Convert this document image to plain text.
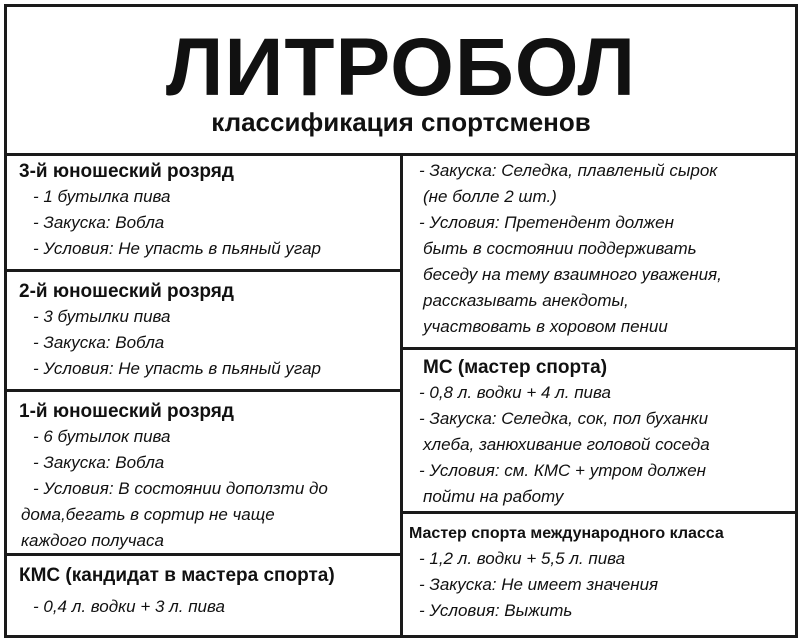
ЛИТРОБОЛ
классификация спортсменов
3-й юношеский розряд
- 1 бутылка пива
- Закуска: Вобла
- Условия: Не упасть в пьяный угар
2-й юношеский розряд
- 3 бутылки пива
- Закуска: Вобла
- Условия: Не упасть в пьяный угар
1-й юношеский розряд
- 6 бутылок пива
- Закуска: Вобла
- Условия: В состоянии доползти до
дома,бегать в сортир не чаще
каждого получаса
КМС (кандидат в мастера спорта)
- 0,4 л. водки + 3 л. пива
- Закуска: Селедка, плавленый сырок
(не болле 2 шт.)
- Условия: Претендент должен
быть в состоянии поддерживать
беседу на тему взаимного уважения,
рассказывать анекдоты,
участвовать в хоровом пении
МС (мастер спорта)
- 0,8 л. водки + 4 л. пива
- Закуска: Селедка, сок, пол буханки
хлеба, занюхивание головой соседа
- Условия: см. КМС + утром должен
пойти на работу
Мастер спорта международного класса
- 1,2 л. водки + 5,5 л. пива
- Закуска: Не имеет значения
- Условия: Выжить
